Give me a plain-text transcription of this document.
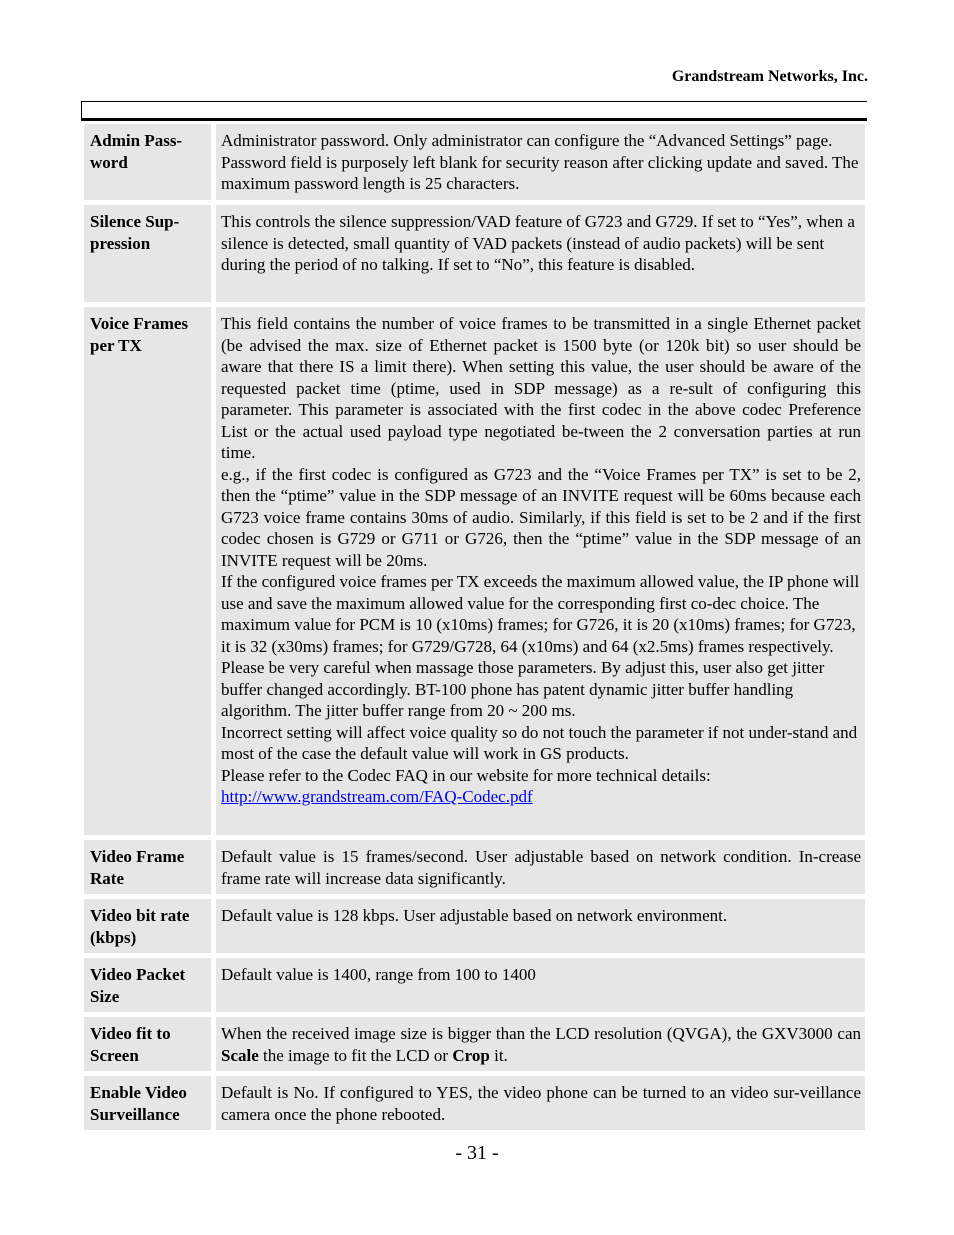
Grandstream Networks, Inc.
Admin Pass-word
Administrator password. Only administrator can configure the “Advanced Settings” page. Password field is purposely left blank for security reason after clicking update and saved. The maximum password length is 25 characters.
Silence Sup-pression
This controls the silence suppression/VAD feature of G723 and G729. If set to “Yes”, when a silence is detected, small quantity of VAD packets (instead of audio packets) will be sent during the period of no talking. If set to “No”, this feature is disabled.
Voice Frames per TX

This field contains the number of voice frames to be transmitted in a single Ethernet packet (be advised the max. size of Ethernet packet is 1500 byte (or 120k bit) so user should be aware that there IS a limit there). When setting this value, the user should be aware of the requested packet time (ptime, used in SDP message) as a re-sult of configuring this parameter. This parameter is associated with the first codec in the above codec Preference List or the actual used payload type negotiated be-tween the 2 conversation parties at run time.

e.g., if the first codec is configured as G723 and the “Voice Frames per TX” is set to be 2, then the “ptime” value in the SDP message of an INVITE request will be 60ms because each G723 voice frame contains 30ms of audio. Similarly, if this field is set to be 2 and if the first codec chosen is G729 or G711 or G726, then the “ptime” value in the SDP message of an INVITE request will be 20ms.

If the configured voice frames per TX exceeds the maximum allowed value, the IP phone will use and save the maximum allowed value for the corresponding first co-dec choice. The maximum value for PCM is 10 (x10ms) frames; for G726, it is 20 (x10ms) frames; for G723, it is 32 (x30ms) frames; for G729/G728, 64 (x10ms) and 64 (x2.5ms) frames respectively.

Please be very careful when massage those parameters. By adjust this, user also get jitter buffer changed accordingly. BT-100 phone has patent dynamic jitter buffer handling algorithm. The jitter buffer range from 20 ~ 200 ms.

Incorrect setting will affect voice quality so do not touch the parameter if not under-stand and most of the case the default value will work in GS products.

Please refer to the Codec FAQ in our website for more technical details:

http://www.grandstream.com/FAQ-Codec.pdf

Video Frame Rate
Default value is 15 frames/second. User adjustable based on network condition. In-crease frame rate will increase data significantly.
Video bit rate (kbps)
Default value is 128 kbps. User adjustable based on network environment.
Video Packet Size
Default value is 1400, range from 100 to 1400
Video fit to Screen
When the received image size is bigger than the LCD resolution (QVGA), the GXV3000 can Scale the image to fit the LCD or Crop it.
Enable Video Surveillance
Default is No. If configured to YES, the video phone can be turned to an video sur-veillance camera once the phone rebooted.
- 31 -
